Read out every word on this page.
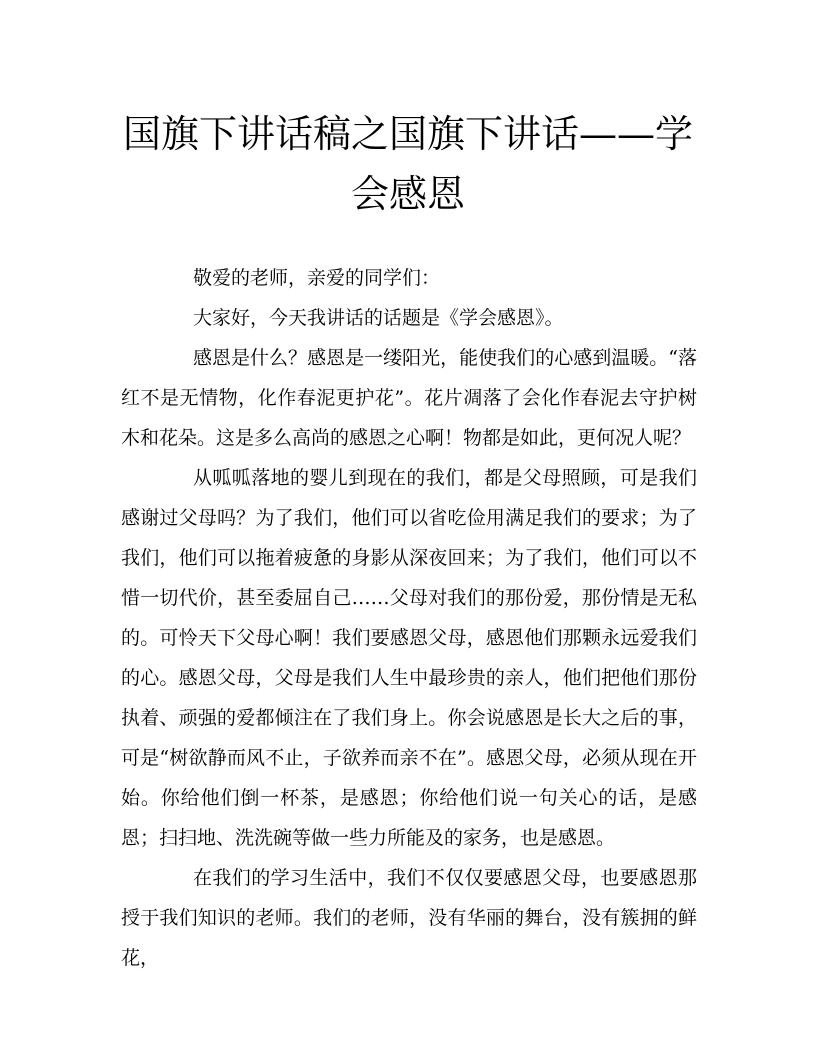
国旗下讲话稿之国旗下讲话——学会感恩

敬爱的老师，亲爱的同学们：

大家好，今天我讲话的话题是《学会感恩》。

感恩是什么？感恩是一缕阳光，能使我们的心感到温暖。“落红不是无情物，化作春泥更护花”。花片凋落了会化作春泥去守护树木和花朵。这是多么高尚的感恩之心啊！物都是如此，更何况人呢？

从呱呱落地的婴儿到现在的我们，都是父母照顾，可是我们感谢过父母吗？为了我们，他们可以省吃俭用满足我们的要求；为了我们，他们可以拖着疲惫的身影从深夜回来；为了我们，他们可以不惜一切代价，甚至委屈自己……父母对我们的那份爱，那份情是无私的。可怜天下父母心啊！我们要感恩父母，感恩他们那颗永远爱我们的心。感恩父母，父母是我们人生中最珍贵的亲人，他们把他们那份执着、顽强的爱都倾注在了我们身上。你会说感恩是长大之后的事，可是“树欲静而风不止，子欲养而亲不在”。感恩父母，必须从现在开始。你给他们倒一杯茶，是感恩；你给他们说一句关心的话，是感恩；扫扫地、洗洗碗等做一些力所能及的家务，也是感恩。

在我们的学习生活中，我们不仅仅要感恩父母，也要感恩那授于我们知识的老师。我们的老师，没有华丽的舞台，没有簇拥的鲜花，
